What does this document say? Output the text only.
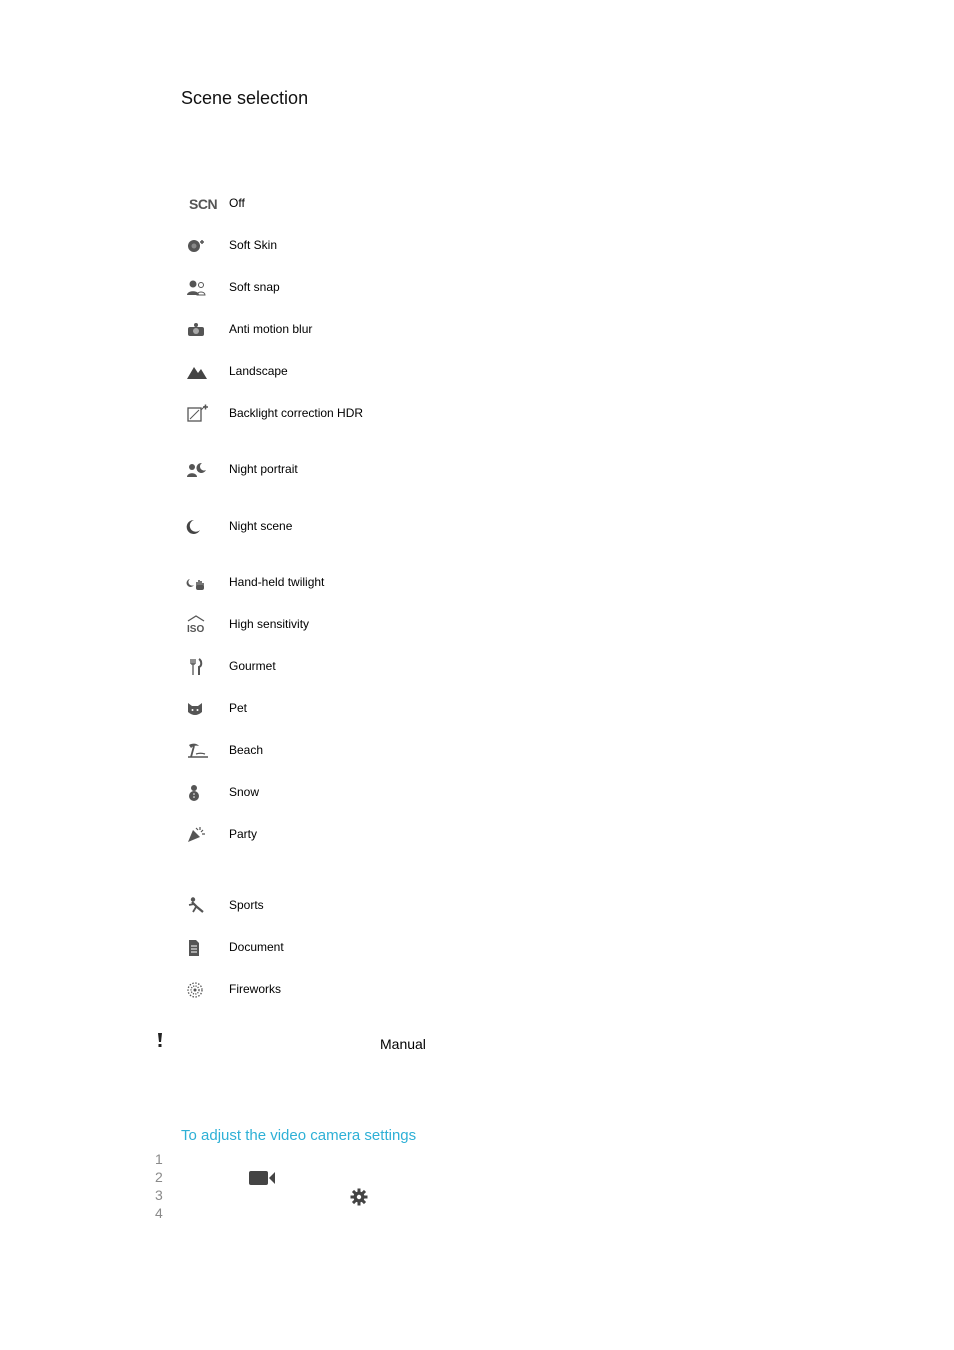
Scene selection
SCN Off
Soft Skin
Soft snap
Anti motion blur
Landscape
Backlight correction HDR
Night portrait
Night scene
Hand-held twilight
ISO High sensitivity
Gourmet
Pet
Beach
Snow
Party
Sports
Document
Fireworks
Manual
To adjust the video camera settings
1
2
3
4
